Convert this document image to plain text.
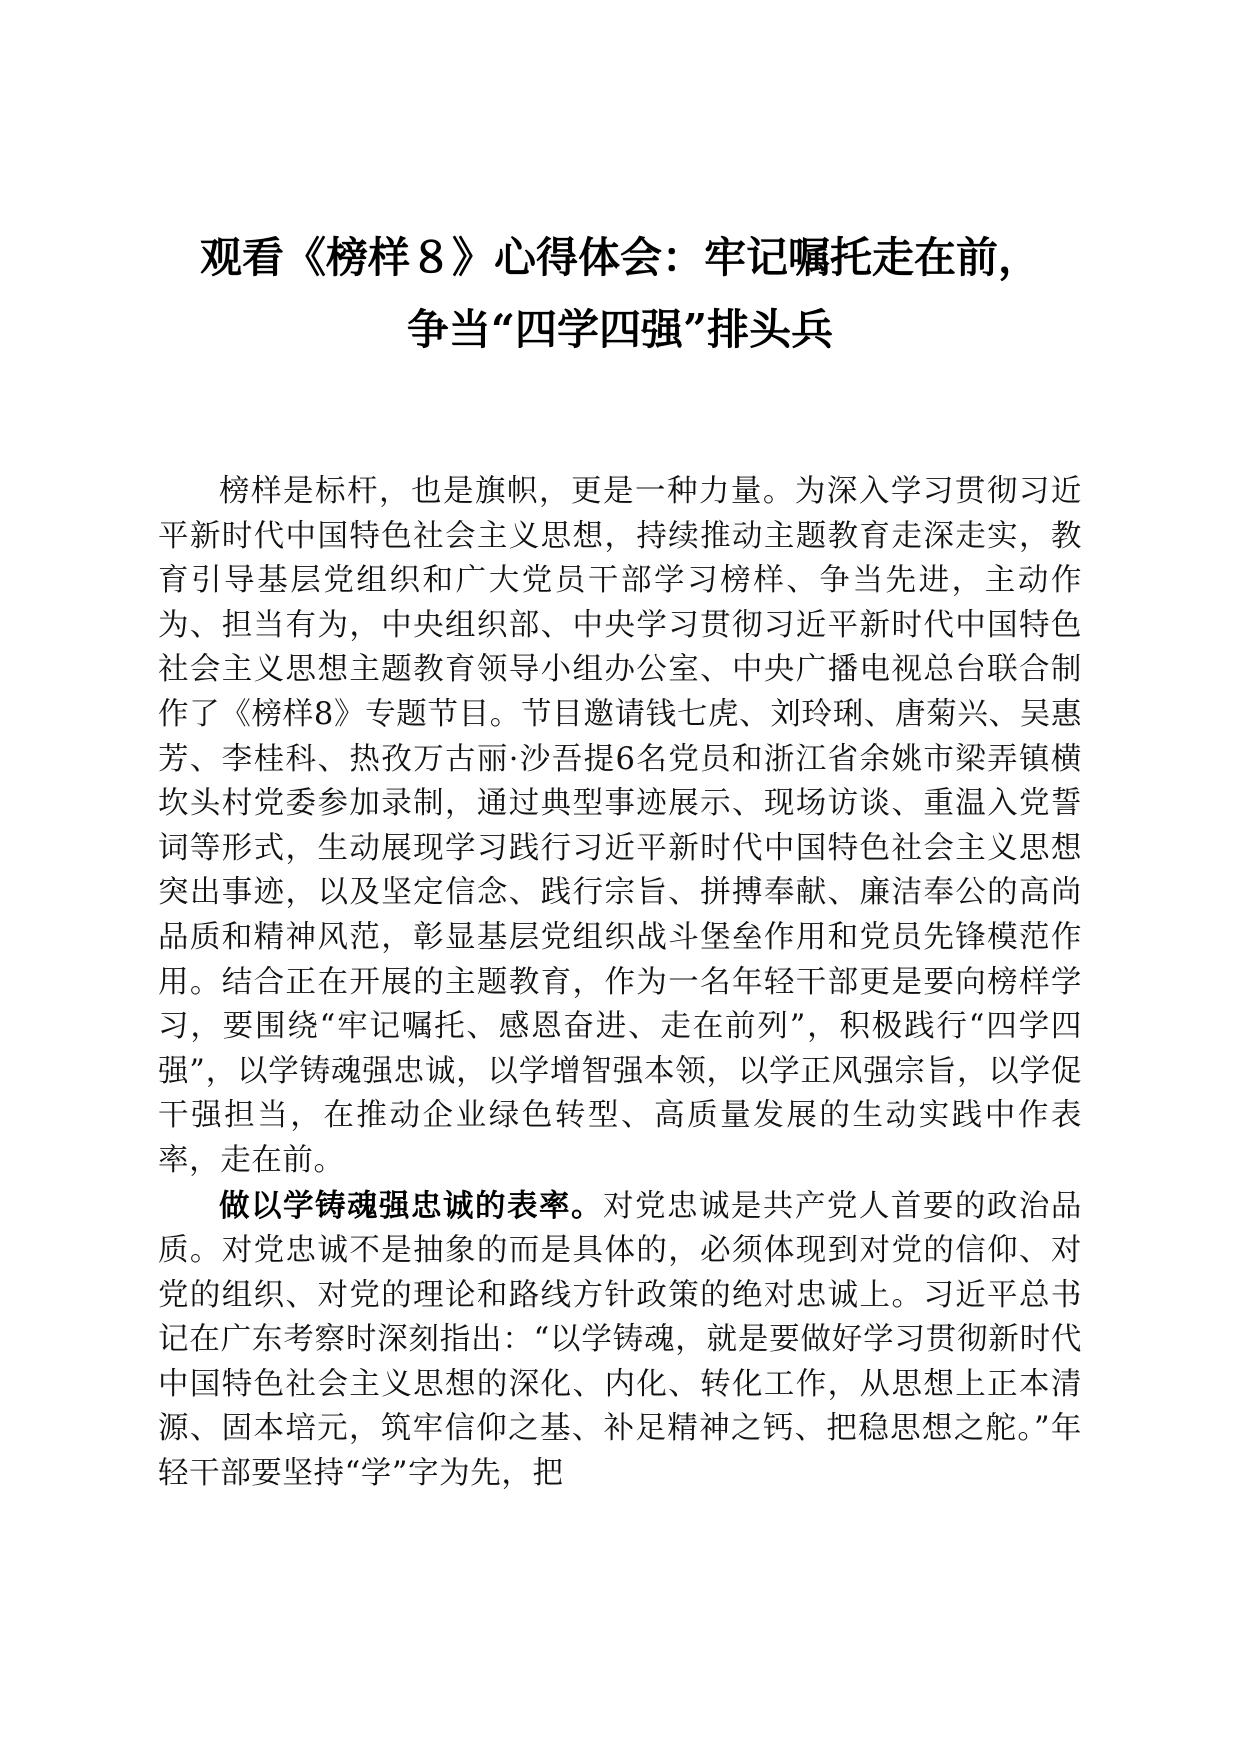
观看《榜样８》心得体会：牢记嘱托走在前，
争当“四学四强”排头兵

榜样是标杆，也是旗帜，更是一种力量。为深入学习贯彻习近平新时代中国特色社会主义思想，持续推动主题教育走深走实，教育引导基层党组织和广大党员干部学习榜样、争当先进，主动作为、担当有为，中央组织部、中央学习贯彻习近平新时代中国特色社会主义思想主题教育领导小组办公室、中央广播电视总台联合制作了《榜样8》专题节目。节目邀请钱七虎、刘玲琍、唐菊兴、吴惠芳、李桂科、热孜万古丽·沙吾提6名党员和浙江省余姚市梁弄镇横坎头村党委参加录制，通过典型事迹展示、现场访谈、重温入党誓词等形式，生动展现学习践行习近平新时代中国特色社会主义思想突出事迹，以及坚定信念、践行宗旨、拼搏奉献、廉洁奉公的高尚品质和精神风范，彰显基层党组织战斗堡垒作用和党员先锋模范作用。结合正在开展的主题教育，作为一名年轻干部更是要向榜样学习，要围绕“牢记嘱托、感恩奋进、走在前列”，积极践行“四学四强”，以学铸魂强忠诚，以学增智强本领，以学正风强宗旨，以学促干强担当，在推动企业绿色转型、高质量发展的生动实践中作表率，走在前。

做以学铸魂强忠诚的表率。对党忠诚是共产党人首要的政治品质。对党忠诚不是抽象的而是具体的，必须体现到对党的信仰、对党的组织、对党的理论和路线方针政策的绝对忠诚上。习近平总书记在广东考察时深刻指出：“以学铸魂，就是要做好学习贯彻新时代中国特色社会主义思想的深化、内化、转化工作，从思想上正本清源、固本培元，筑牢信仰之基、补足精神之钙、把稳思想之舵。”年轻干部要坚持“学”字为先，把
